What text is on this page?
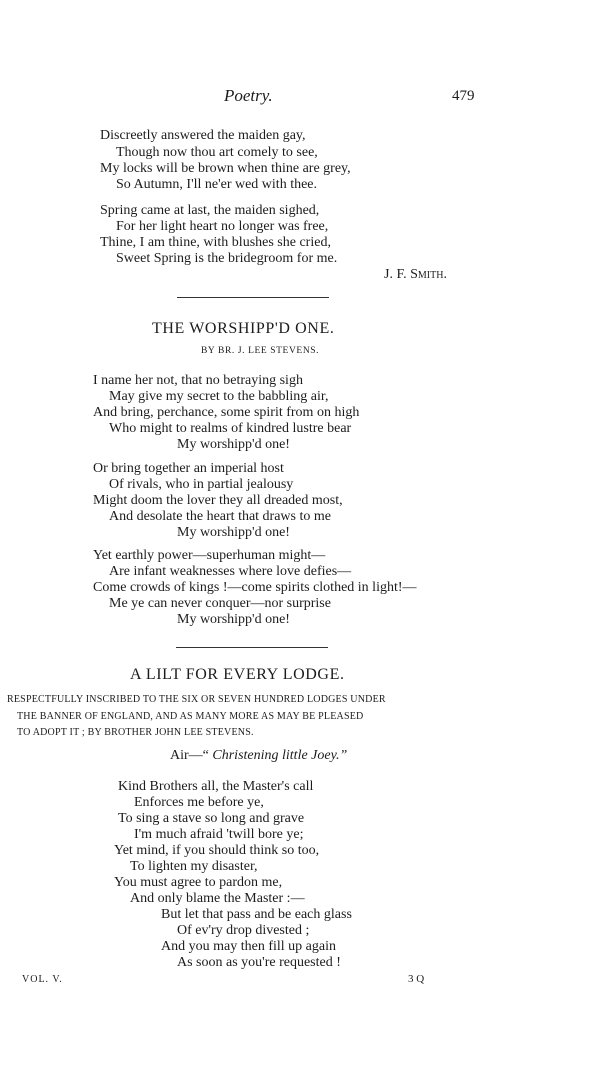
Poetry.	479
Discreetly answered the maiden gay,
Though now thou art comely to see,
My locks will be brown when thine are grey,
So Autumn, I'll ne'er wed with thee.
Spring came at last, the maiden sighed,
For her light heart no longer was free,
Thine, I am thine, with blushes she cried,
Sweet Spring is the bridegroom for me.
J. F. Smith.
THE WORSHIPP'D ONE.
BY BR. J. LEE STEVENS.
I name her not, that no betraying sigh
May give my secret to the babbling air,
And bring, perchance, some spirit from on high
Who might to realms of kindred lustre bear
My worshipp'd one!
Or bring together an imperial host
Of rivals, who in partial jealousy
Might doom the lover they all dreaded most,
And desolate the heart that draws to me
My worshipp'd one!
Yet earthly power—superhuman might—
Are infant weaknesses where love defies—
Come crowds of kings !—come spirits clothed in light!—
Me ye can never conquer—nor surprise
My worshipp'd one!
A LILT FOR EVERY LODGE.
RESPECTFULLY INSCRIBED TO THE SIX OR SEVEN HUNDRED LODGES UNDER
THE BANNER OF ENGLAND, AND AS MANY MORE AS MAY BE PLEASED
TO ADOPT IT ; BY BROTHER JOHN LEE STEVENS.
Air—“ Christening little Joey.”
Kind Brothers all, the Master's call
Enforces me before ye,
To sing a stave so long and grave
I'm much afraid 'twill bore ye;
Yet mind, if you should think so too,
To lighten my disaster,
You must agree to pardon me,
And only blame the Master :—
But let that pass and be each glass
Of ev'ry drop divested ;
And you may then fill up again
As soon as you're requested !
VOL. V.	3 Q
